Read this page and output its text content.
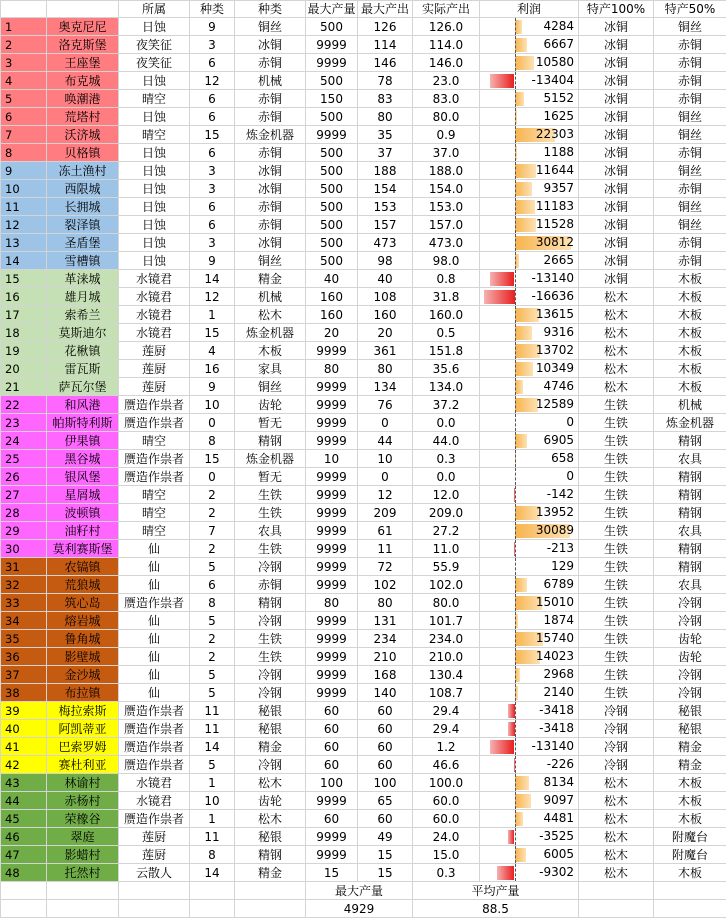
		所属	种类	种类	最大产量	最大产出	实际产出	利润	特产100%	特产50%
1	奥克尼尼	日蚀	9	铜丝	500	126	126.0	4284	冰铜	铜丝
2	洛克斯堡	夜笑征	3	冰铜	9999	114	114.0	6667	冰铜	赤铜
3	王座堡	夜笑征	6	赤铜	9999	146	146.0	10580	冰铜	赤铜
4	布克城	日蚀	12	机械	500	78	23.0	-13404	冰铜	赤铜
5	唤潮港	晴空	6	赤铜	150	83	83.0	5152	冰铜	赤铜
6	荒塔村	日蚀	6	赤铜	500	80	80.0	1625	冰铜	铜丝
7	沃济城	晴空	15	炼金机器	9999	35	0.9	22303	冰铜	铜丝
8	贝格镇	日蚀	6	赤铜	500	37	37.0	1188	冰铜	赤铜
9	冻土渔村	日蚀	3	冰铜	500	188	188.0	11644	冰铜	铜丝
10	西限城	日蚀	3	冰铜	500	154	154.0	9357	冰铜	赤铜
11	长拥城	日蚀	6	赤铜	500	153	153.0	11183	冰铜	铜丝
12	裂泽镇	日蚀	6	赤铜	500	157	157.0	11528	冰铜	铜丝
13	圣盾堡	日蚀	3	冰铜	500	473	473.0	30812	冰铜	赤铜
14	雪槽镇	日蚀	9	铜丝	500	98	98.0	2665	冰铜	赤铜
15	革涞城	水镜君	14	精金	40	40	0.8	-13140	冰铜	木板
16	雄月城	水镜君	12	机械	160	108	31.8	-16636	松木	木板
17	索希兰	水镜君	1	松木	160	160	160.0	13615	松木	木板
18	莫斯迪尔	水镜君	15	炼金机器	20	20	0.5	9316	松木	木板
19	花楸镇	莲厨	4	木板	9999	361	151.8	13702	松木	木板
20	雷瓦斯	莲厨	16	家具	80	80	35.6	10349	松木	木板
21	萨瓦尔堡	莲厨	9	铜丝	9999	134	134.0	4746	松木	木板
22	和风港	赝造作祟者	10	齿轮	9999	76	37.2	12589	生铁	机械
23	帕斯特利斯	赝造作祟者	0	暂无	9999	0	0.0	0	生铁	炼金机器
24	伊果镇	晴空	8	精钢	9999	44	44.0	6905	生铁	精钢
25	黑谷城	赝造作祟者	15	炼金机器	10	10	0.3	658	生铁	农具
26	银风堡	赝造作祟者	0	暂无	9999	0	0.0	0	生铁	精钢
27	星屑城	晴空	2	生铁	9999	12	12.0	-142	生铁	精钢
28	波顿镇	晴空	2	生铁	9999	209	209.0	13952	生铁	精钢
29	油籽村	晴空	7	农具	9999	61	27.2	30089	生铁	农具
30	莫利赛斯堡	仙	2	生铁	9999	11	11.0	-213	生铁	精钢
31	农镐镇	仙	5	冷钢	9999	72	55.9	129	生铁	精钢
32	荒狼城	仙	6	赤铜	9999	102	102.0	6789	生铁	农具
33	筑心岛	赝造作祟者	8	精钢	80	80	80.0	15010	生铁	冷钢
34	熔岩城	仙	5	冷钢	9999	131	101.7	1874	生铁	冷钢
35	鲁角城	仙	2	生铁	9999	234	234.0	15740	生铁	齿轮
36	影壁城	仙	2	生铁	9999	210	210.0	14023	生铁	齿轮
37	金沙城	仙	5	冷钢	9999	168	130.4	2968	生铁	冷钢
38	布拉镇	仙	5	冷钢	9999	140	108.7	2140	生铁	冷钢
39	梅拉索斯	赝造作祟者	11	秘银	60	60	29.4	-3418	冷钢	秘银
40	阿凯蒂亚	赝造作祟者	11	秘银	60	60	29.4	-3418	冷钢	秘银
41	巴索罗姆	赝造作祟者	14	精金	60	60	1.2	-13140	冷钢	精金
42	赛杜利亚	赝造作祟者	5	冷钢	60	60	46.6	-226	冷钢	精金
43	林谕村	水镜君	1	松木	100	100	100.0	8134	松木	木板
44	赤杨村	水镜君	10	齿轮	9999	65	60.0	9097	松木	木板
45	荣橡谷	赝造作祟者	1	松木	60	60	60.0	4481	松木	木板
46	翠庭	莲厨	11	秘银	9999	49	24.0	-3525	松木	附魔台
47	影蜡村	莲厨	8	精钢	9999	15	15.0	6005	松木	附魔台
48	托然村	云散人	14	精金	15	15	0.3	-9302	松木	木板
					最大产量		平均产量			
					4929		88.5			
